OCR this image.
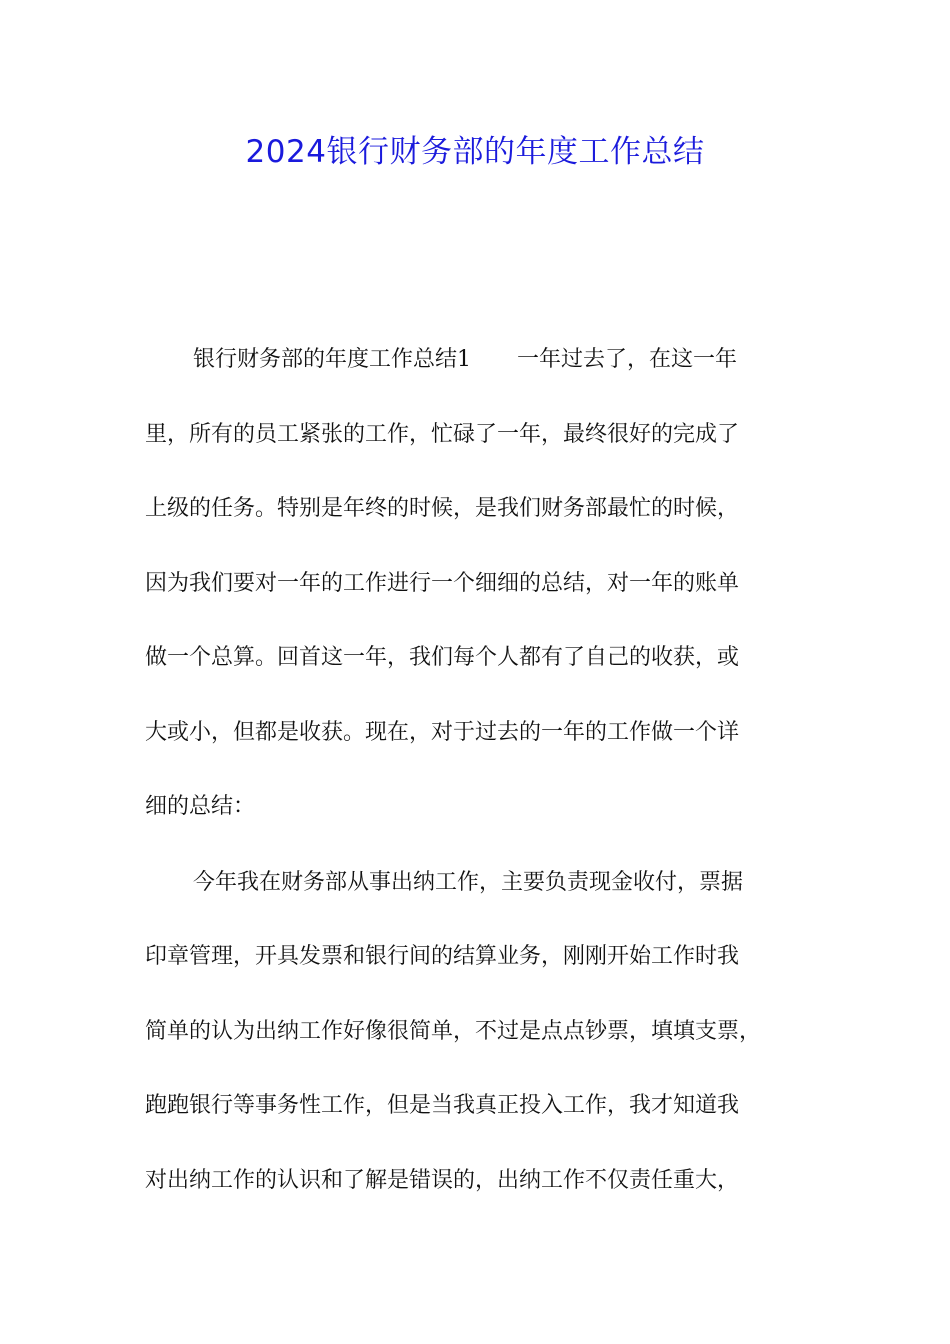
2024银行财务部的年度工作总结

银行财务部的年度工作总结1 一年过去了，在这一年

里，所有的员工紧张的工作，忙碌了一年，最终很好的完成了

上级的任务。特别是年终的时候，是我们财务部最忙的时候，

因为我们要对一年的工作进行一个细细的总结，对一年的账单

做一个总算。回首这一年，我们每个人都有了自己的收获，或

大或小，但都是收获。现在，对于过去的一年的工作做一个详

细的总结：

今年我在财务部从事出纳工作，主要负责现金收付，票据

印章管理，开具发票和银行间的结算业务，刚刚开始工作时我

简单的认为出纳工作好像很简单，不过是点点钞票，填填支票，

跑跑银行等事务性工作，但是当我真正投入工作，我才知道我

对出纳工作的认识和了解是错误的，出纳工作不仅责任重大，
